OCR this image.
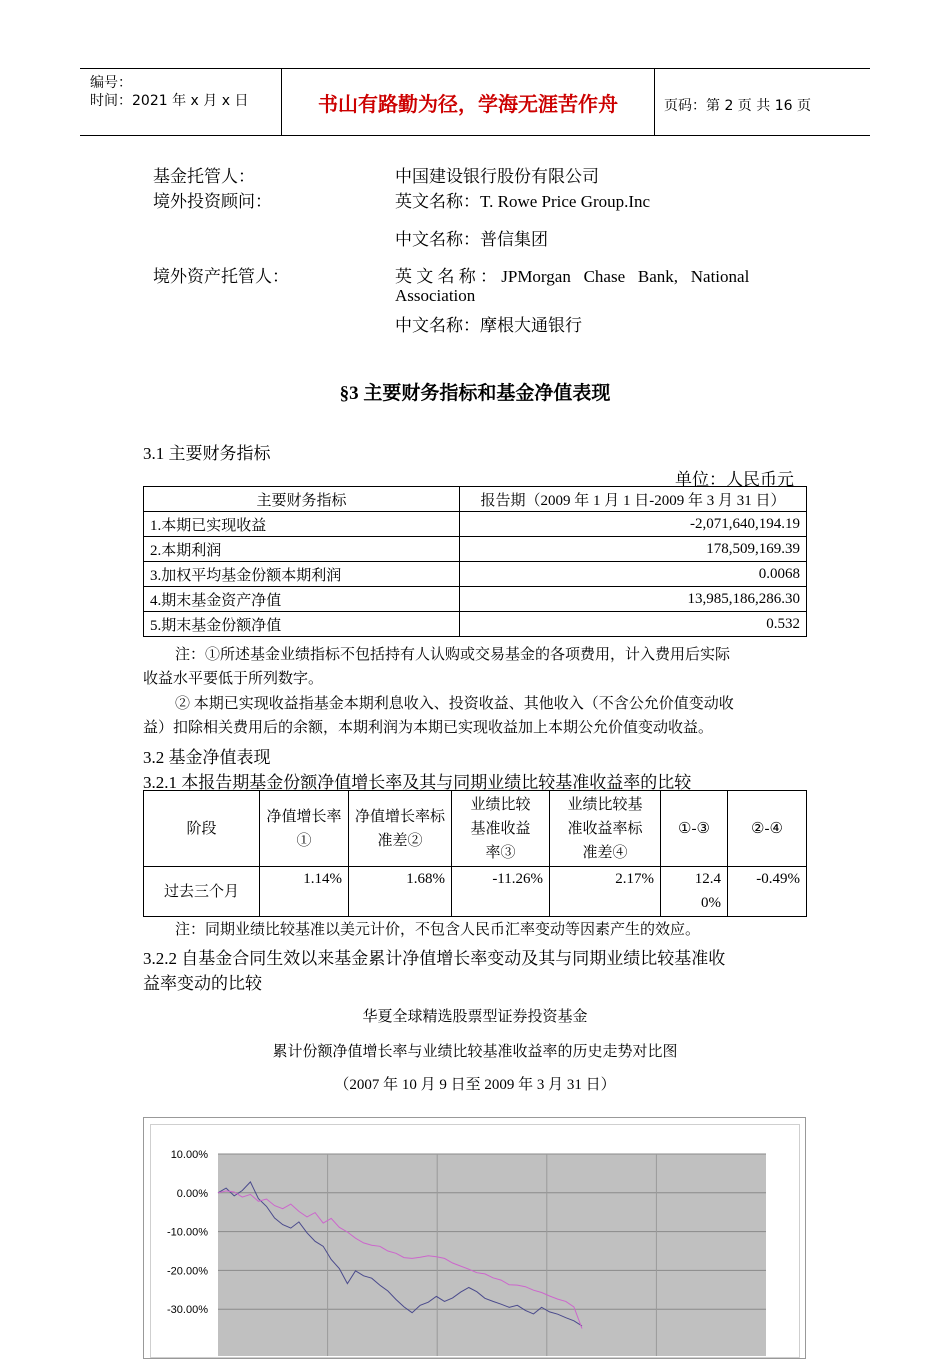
编号：
时间：2021 年 x 月 x 日	书山有路勤为径，学海无涯苦作舟	页码：第 2 页 共 16 页
基金托管人：	中国建设银行股份有限公司
境外投资顾问：	英文名称：T. Rowe Price Group.Inc
中文名称：普信集团
境外资产托管人：	英 文 名 称 ： JPMorgan   Chase   Bank,   National
Association
中文名称：摩根大通银行
§3 主要财务指标和基金净值表现
3.1 主要财务指标
单位：人民币元
主要财务指标	报告期（2009 年 1 月 1 日-2009 年 3 月 31 日）
1.本期已实现收益	-2,071,640,194.19
2.本期利润	178,509,169.39
3.加权平均基金份额本期利润	0.0068
4.期末基金资产净值	13,985,186,286.30
5.期末基金份额净值	0.532
注：①所述基金业绩指标不包括持有人认购或交易基金的各项费用，计入费用后实际
收益水平要低于所列数字。
② 本期已实现收益指基金本期利息收入、投资收益、其他收入（不含公允价值变动收
益）扣除相关费用后的余额，本期利润为本期已实现收益加上本期公允价值变动收益。
3.2 基金净值表现
3.2.1 本报告期基金份额净值增长率及其与同期业绩比较基准收益率的比较
阶段	净值增长率①	净值增长率标准差②	业绩比较基准收益率③	业绩比较基准收益率标准差④	①-③	②-④
过去三个月	1.14%	1.68%	-11.26%	2.17%	12.40%	-0.49%
注：同期业绩比较基准以美元计价，不包含人民币汇率变动等因素产生的效应。
3.2.2 自基金合同生效以来基金累计净值增长率变动及其与同期业绩比较基准收
益率变动的比较
华夏全球精选股票型证券投资基金
累计份额净值增长率与业绩比较基准收益率的历史走势对比图
（2007 年 10 月 9 日至 2009 年 3 月 31 日）
10.00%
0.00%
-10.00%
-20.00%
-30.00%
